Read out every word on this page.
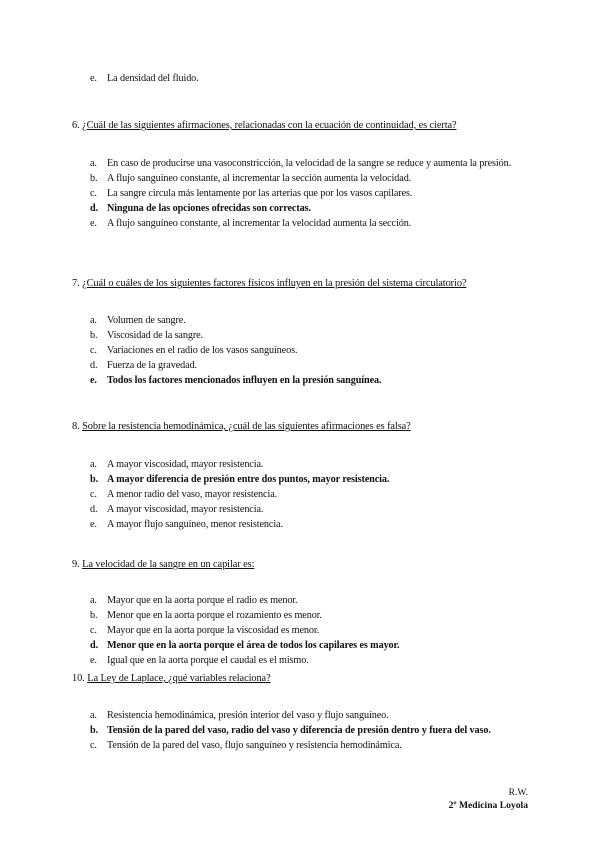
e. La densidad del fluido.
6. ¿Cuál de las siguientes afirmaciones, relacionadas con la ecuación de continuidad, es cierta?
a. En caso de producirse una vasoconstricción, la velocidad de la sangre se reduce y aumenta la presión.
b. A flujo sanguíneo constante, al incrementar la sección aumenta la velocidad.
c. La sangre circula más lentamente por las arterias que por los vasos capilares.
d. Ninguna de las opciones ofrecidas son correctas.
e. A flujo sanguíneo constante, al incrementar la velocidad aumenta la sección.
7. ¿Cuál o cuáles de los siguientes factores físicos influyen en la presión del sistema circulatorio?
a. Volumen de sangre.
b. Viscosidad de la sangre.
c. Variaciones en el radio de los vasos sanguíneos.
d. Fuerza de la gravedad.
e. Todos los factores mencionados influyen en la presión sanguínea.
8. Sobre la resistencia hemodinámica, ¿cuál de las siguientes afirmaciones es falsa?
a. A mayor viscosidad, mayor resistencia.
b. A mayor diferencia de presión entre dos puntos, mayor resistencia.
c. A menor radio del vaso, mayor resistencia.
d. A mayor viscosidad, mayor resistencia.
e. A mayor flujo sanguíneo, menor resistencia.
9. La velocidad de la sangre en un capilar es:
a. Mayor que en la aorta porque el radio es menor.
b. Menor que en la aorta porque el rozamiento es menor.
c. Mayor que en la aorta porque la viscosidad es menor.
d. Menor que en la aorta porque el área de todos los capilares es mayor.
e. Igual que en la aorta porque el caudal es el mismo.
10. La Ley de Laplace, ¿qué variables relaciona?
a. Resistencia hemodinámica, presión interior del vaso y flujo sanguíneo.
b. Tensión de la pared del vaso, radio del vaso y diferencia de presión dentro y fuera del vaso.
c. Tensión de la pared del vaso, flujo sanguíneo y resistencia hemodinámica.
R.W.
2º Medicina Loyola
